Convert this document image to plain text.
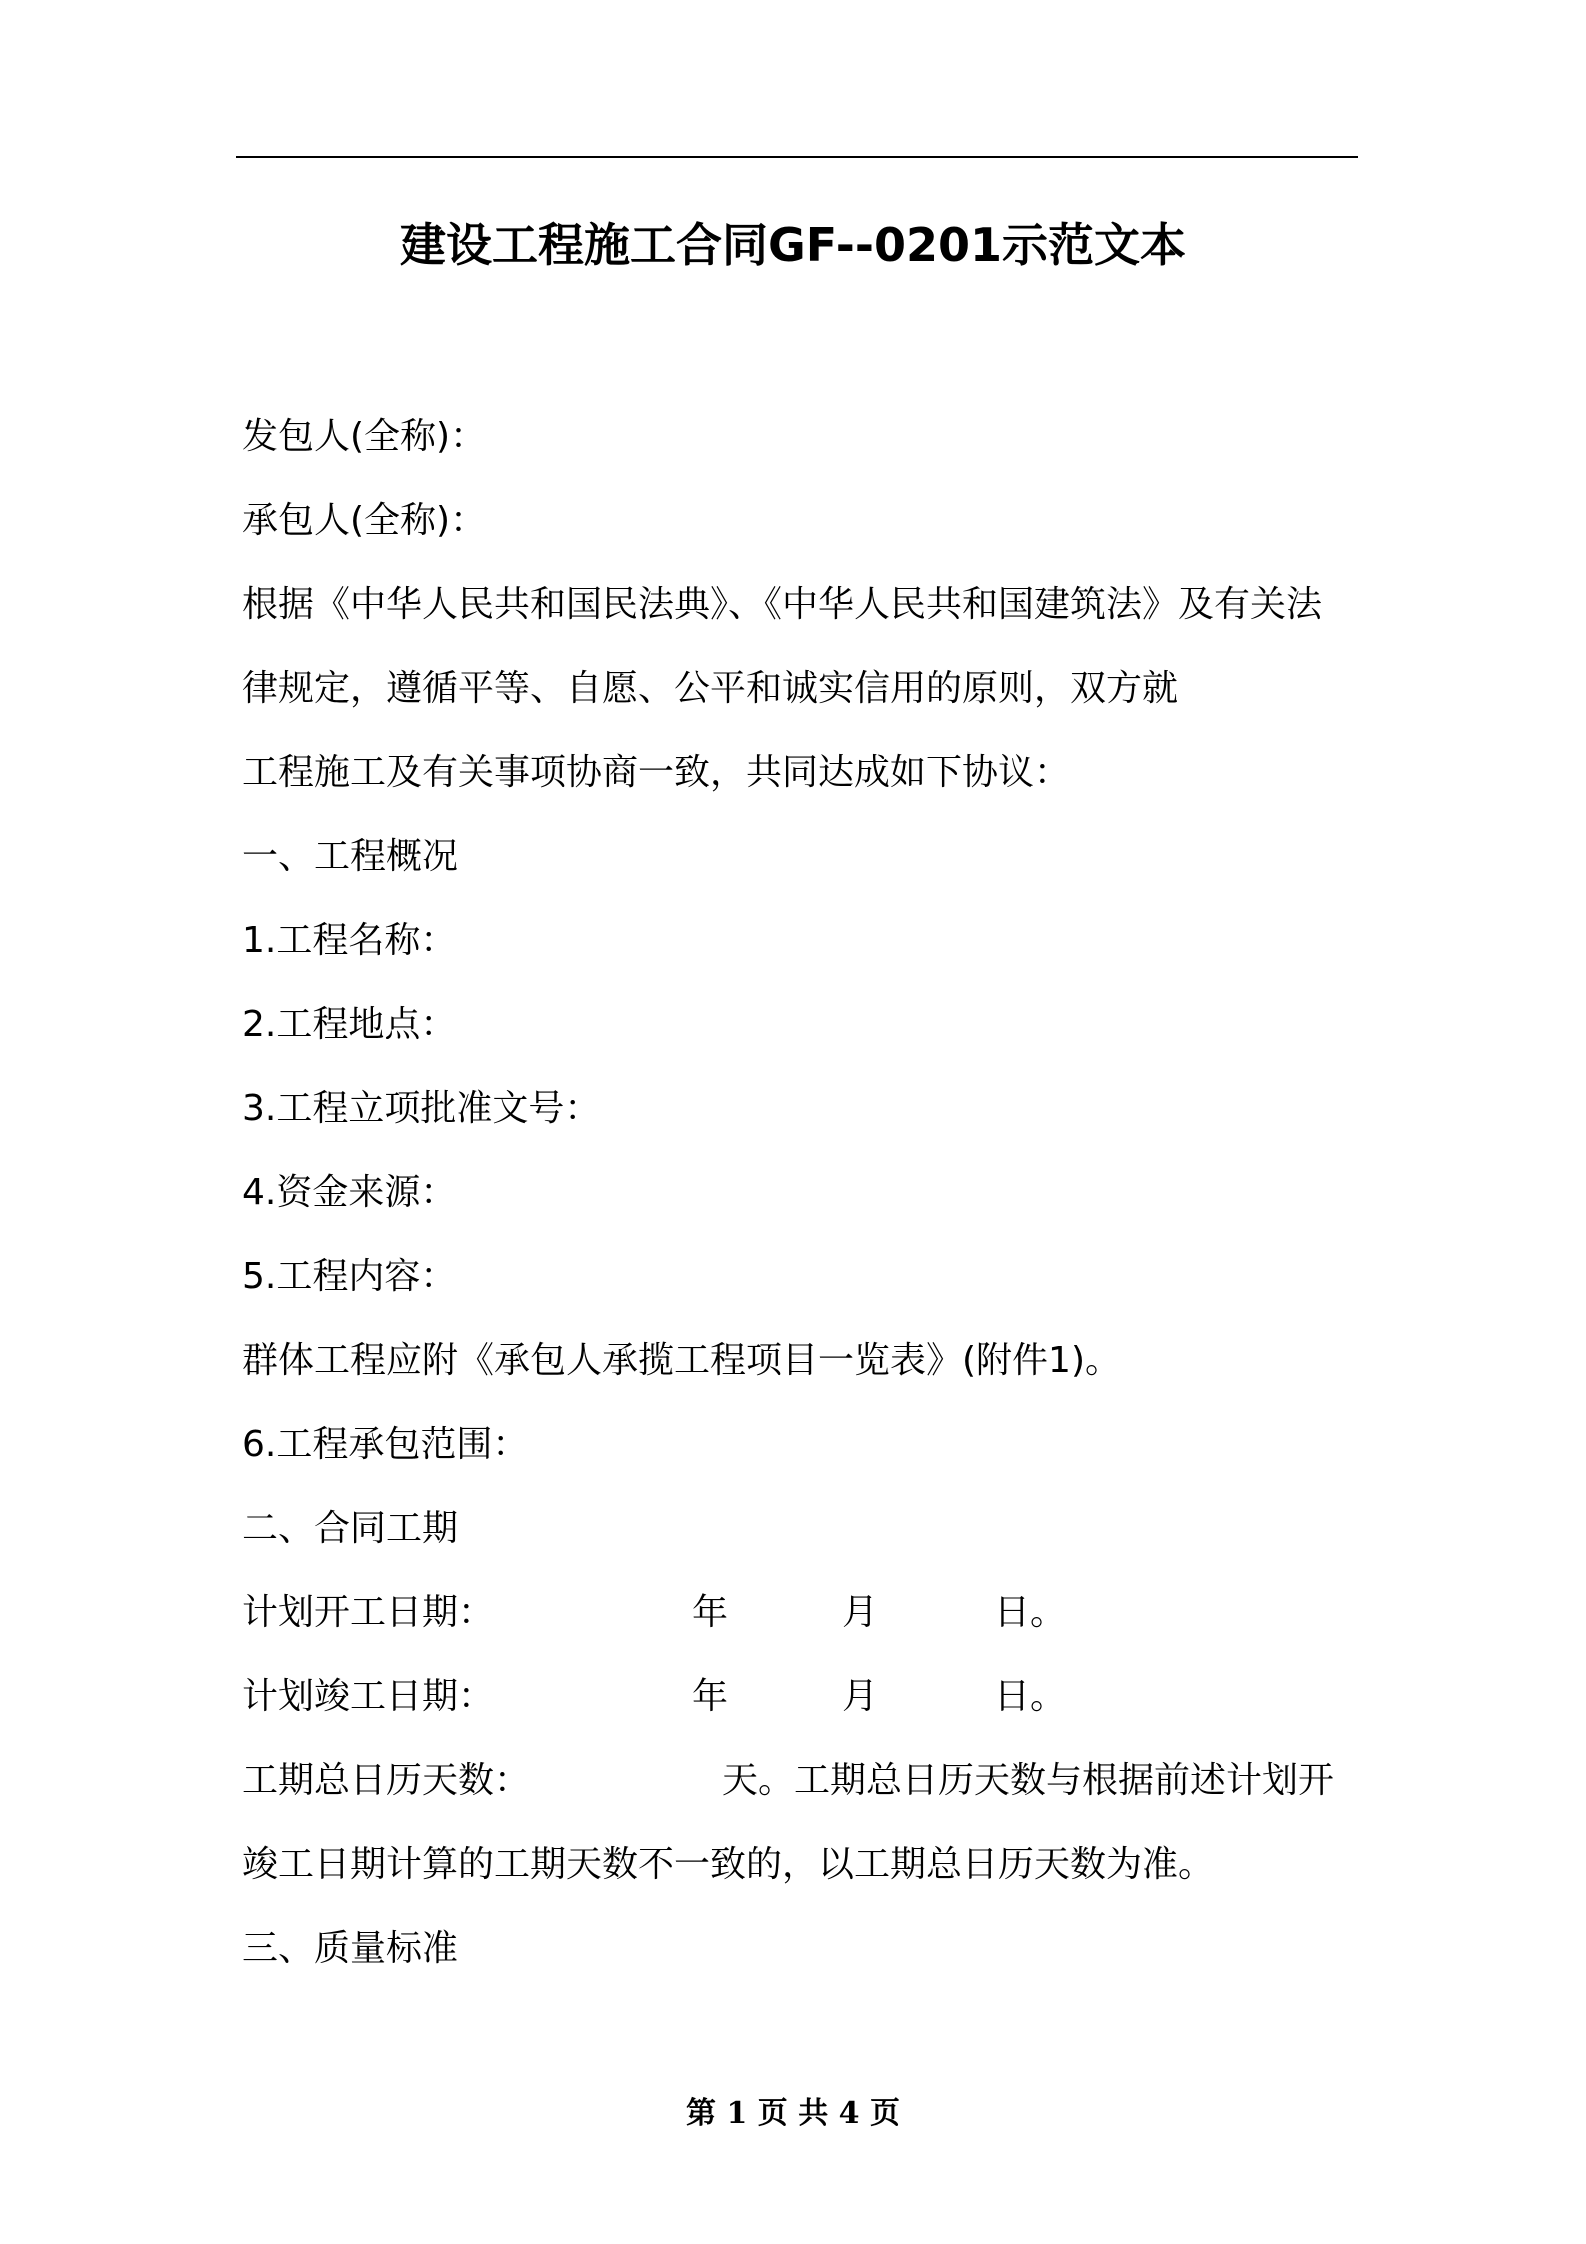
建设工程施工合同GF--0201示范文本
发包人(全称)：
承包人(全称)：
根据《中华人民共和国民法典》、《中华人民共和国建筑法》及有关法
律规定，遵循平等、自愿、公平和诚实信用的原则，双方就
工程施工及有关事项协商一致，共同达成如下协议：
一、工程概况
1.工程名称：
2.工程地点：
3.工程立项批准文号：
4.资金来源：
5.工程内容：
群体工程应附《承包人承揽工程项目一览表》(附件1)。
6.工程承包范围：
二、合同工期
计划开工日期：	年	月	日。
计划竣工日期：	年	月	日。
工期总日历天数：	天。工期总日历天数与根据前述计划开
竣工日期计算的工期天数不一致的，以工期总日历天数为准。
三、质量标准
第 1 页 共 4 页
